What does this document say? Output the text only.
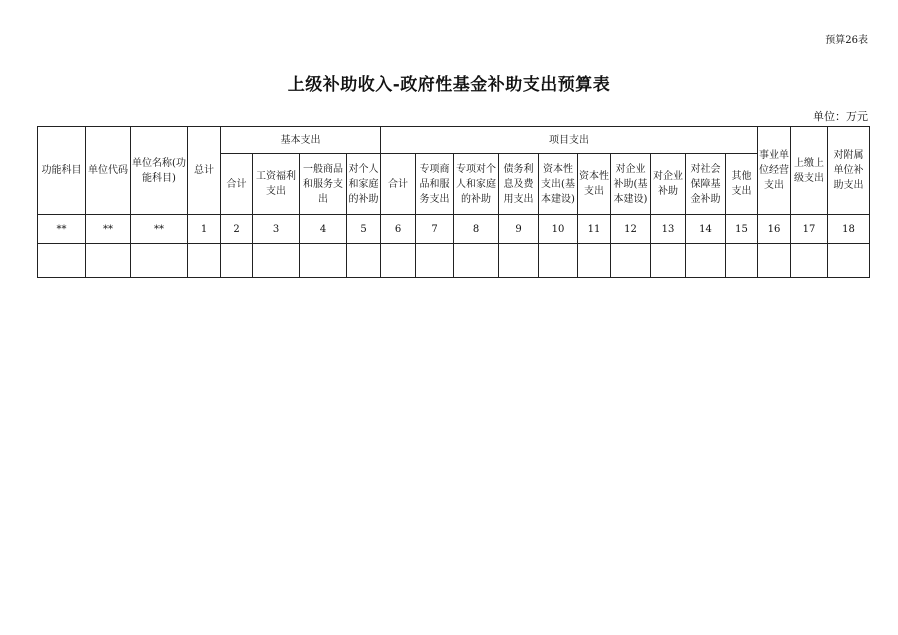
预算26表
上级补助收入-政府性基金补助支出预算表
单位：万元
功能科目	单位代码	单位名称(功能科目)	总计	基本支出				项目支出										事业单位经营支出	上缴上级支出	对附属单位补助支出
				合计	工资福利支出	一般商品和服务支出	对个人和家庭的补助	合计	专项商品和服务支出	专项对个人和家庭的补助	债务利息及费用支出	资本性支出(基本建设)	资本性支出	对企业补助(基本建设)	对企业补助	对社会保障基金补助	其他支出			
**	**	**	1	2	3	4	5	6	7	8	9	10	11	12	13	14	15	16	17	18
